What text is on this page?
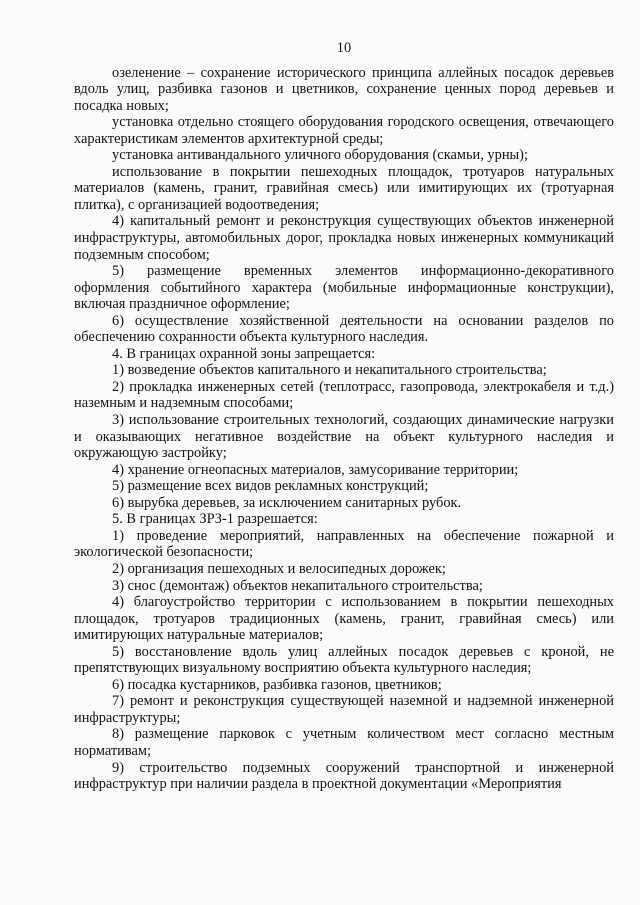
10

озеленение – сохранение исторического принципа аллейных посадок деревьев вдоль улиц, разбивка газонов и цветников, сохранение ценных пород деревьев и посадка новых;

установка отдельно стоящего оборудования городского освещения, отвечающего характеристикам элементов архитектурной среды;

установка антивандального уличного оборудования (скамьи, урны);

использование в покрытии пешеходных площадок, тротуаров натуральных материалов (камень, гранит, гравийная смесь) или имитирующих их (тротуарная плитка), с организацией водоотведения;

4) капитальный ремонт и реконструкция существующих объектов инженерной инфраструктуры, автомобильных дорог, прокладка новых инженерных коммуникаций подземным способом;

5) размещение временных элементов информационно-декоративного оформления событийного характера (мобильные информационные конструкции), включая праздничное оформление;

6) осуществление хозяйственной деятельности на основании разделов по обеспечению сохранности объекта культурного наследия.

4. В границах охранной зоны запрещается:

1) возведение объектов капитального и некапитального строительства;

2) прокладка инженерных сетей (теплотрасс, газопровода, электрокабеля и т.д.) наземным и надземным способами;

3) использование строительных технологий, создающих динамические нагрузки и оказывающих негативное воздействие на объект культурного наследия и окружающую застройку;

4) хранение огнеопасных материалов, замусоривание территории;

5) размещение всех видов рекламных конструкций;

6) вырубка деревьев, за исключением санитарных рубок.

5. В границах ЗРЗ-1 разрешается:

1) проведение мероприятий, направленных на обеспечение пожарной и экологической безопасности;

2) организация пешеходных и велосипедных дорожек;

3) снос (демонтаж) объектов некапитального строительства;

4) благоустройство территории с использованием в покрытии пешеходных площадок, тротуаров традиционных (камень, гранит, гравийная смесь) или имитирующих натуральные материалов;

5) восстановление вдоль улиц аллейных посадок деревьев с кроной, не препятствующих визуальному восприятию объекта культурного наследия;

6) посадка кустарников, разбивка газонов, цветников;

7) ремонт и реконструкция существующей наземной и надземной инженерной инфраструктуры;

8) размещение парковок с учетным количеством мест согласно местным нормативам;

9) строительство подземных сооружений транспортной и инженерной инфраструктур при наличии раздела в проектной документации «Мероприятия
